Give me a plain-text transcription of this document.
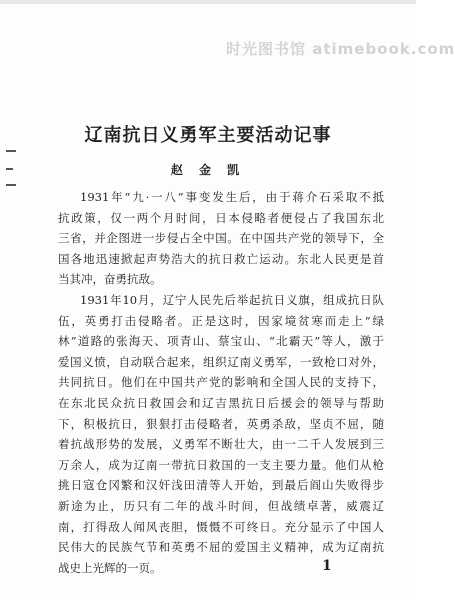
时光图书馆 atimebook.com
辽南抗日义勇军主要活动记事
赵 金 凯

1931年“九·一八”事变发生后，由于蒋介石采取不抵
抗政策，仅一两个月时间，日本侵略者便侵占了我国东北
三省，并企图进一步侵占全中国。在中国共产党的领导下，全
国各地迅速掀起声势浩大的抗日救亡运动。东北人民更是首
当其冲，奋勇抗敌。

1931年10月，辽宁人民先后举起抗日义旗，组成抗日队
伍，英勇打击侵略者。正是这时，因家境贫寒而走上“绿
林”道路的张海天、项青山、蔡宝山、“北霸天”等人，激于
爱国义愤，自动联合起来，组织辽南义勇军，一致枪口对外，
共同抗日。他们在中国共产党的影响和全国人民的支持下，
在东北民众抗日救国会和辽吉黑抗日后援会的领导与帮助
下，积极抗日，狠狠打击侵略者，英勇杀敌，坚贞不屈，随
着抗战形势的发展，义勇军不断壮大，由一二千人发展到三
万余人，成为辽南一带抗日救国的一支主要力量。他们从枪
挑日寇仓冈繁和汉奸浅田清等人开始，到最后阎山失败得步
新途为止，历只有二年的战斗时间，但战绩卓著，威震辽
南，打得敌人闻风丧胆，慑慑不可终日。充分显示了中国人
民伟大的民族气节和英勇不屈的爱国主义精神，成为辽南抗
战史上光辉的一页。	1
